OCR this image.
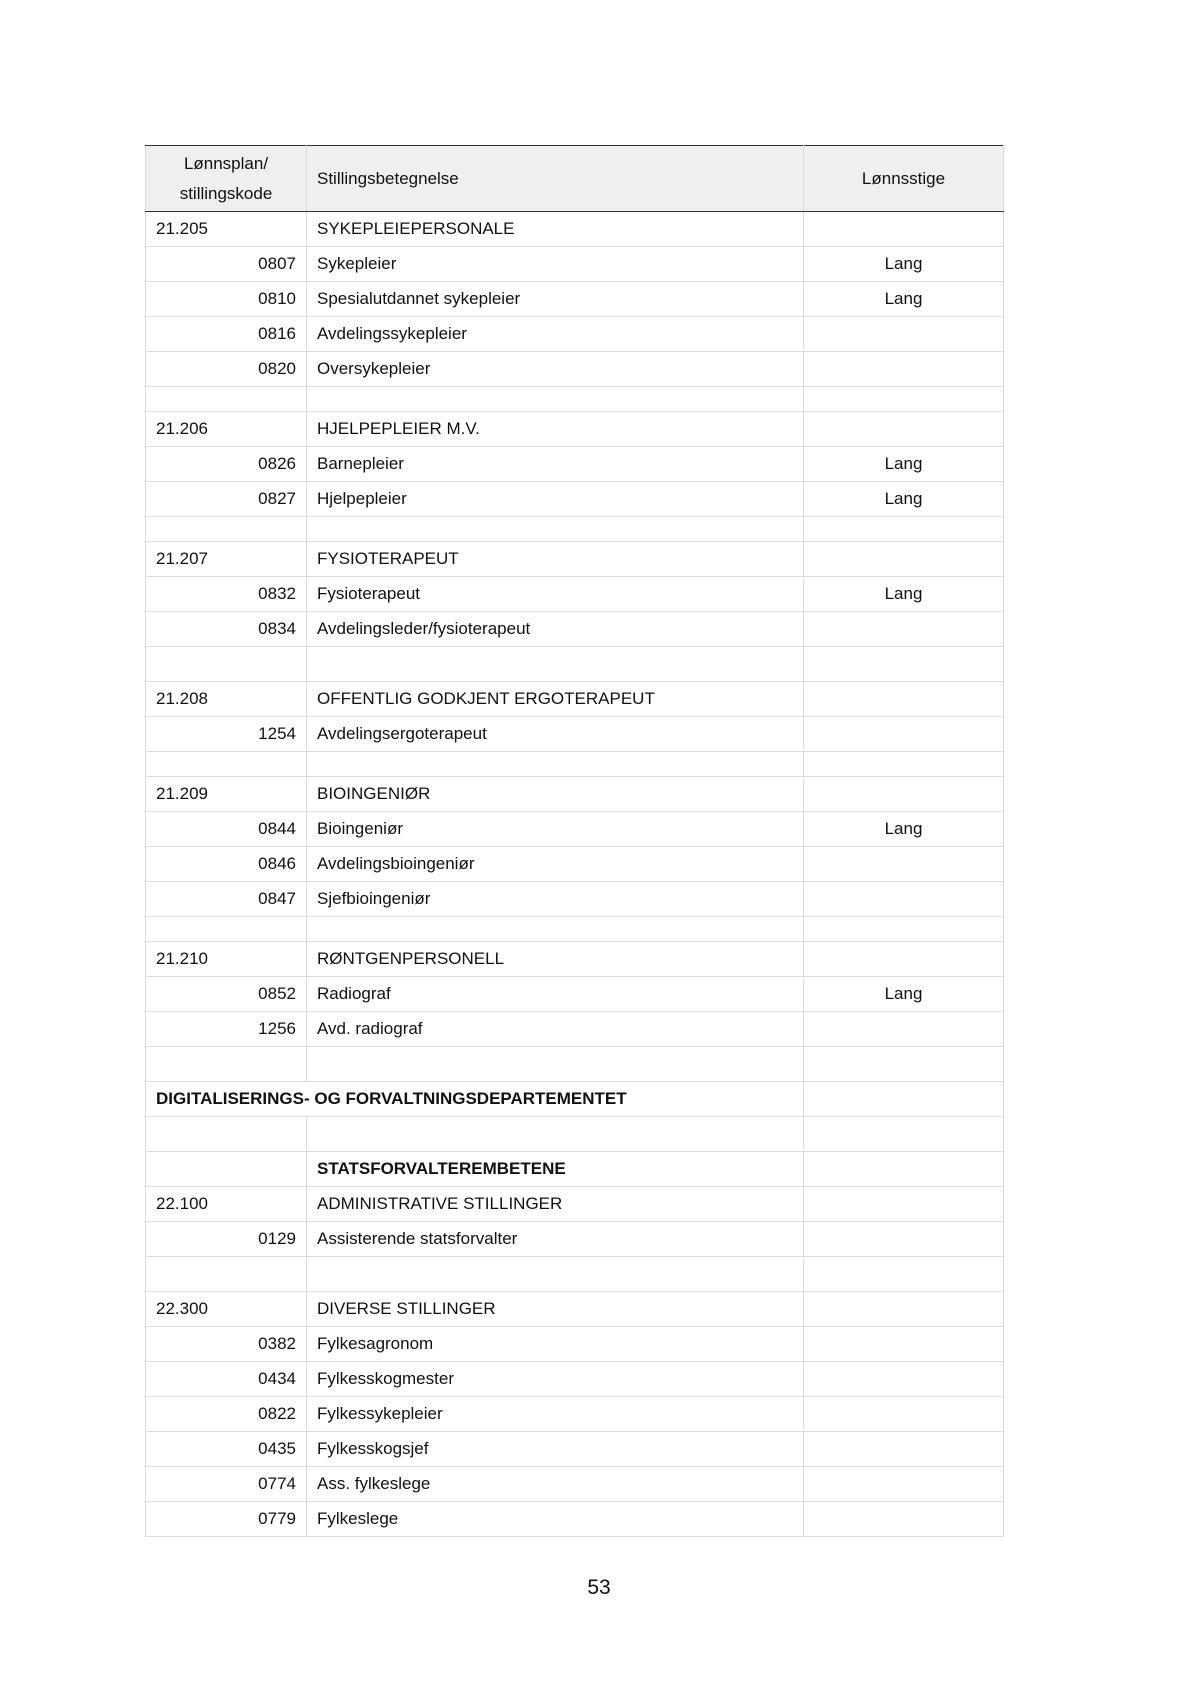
Lønnsplan/
stillingskode	Stillingsbetegnelse	Lønnsstige
21.205	SYKEPLEIEPERSONALE	
0807	Sykepleier	Lang
0810	Spesialutdannet sykepleier	Lang
0816	Avdelingssykepleier	
0820	Oversykepleier	

21.206	HJELPEPLEIER M.V.	
0826	Barnepleier	Lang
0827	Hjelpepleier	Lang

21.207	FYSIOTERAPEUT	
0832	Fysioterapeut	Lang
0834	Avdelingsleder/fysioterapeut	

21.208	OFFENTLIG GODKJENT ERGOTERAPEUT	
1254	Avdelingsergoterapeut	

21.209	BIOINGENIØR	
0844	Bioingeniør	Lang
0846	Avdelingsbioingeniør	
0847	Sjefbioingeniør	

21.210	RØNTGENPERSONELL	
0852	Radiograf	Lang
1256	Avd. radiograf	

DIGITALISERINGS- OG FORVALTNINGSDEPARTEMENTET		

	STATSFORVALTEREMBETENE	
22.100	ADMINISTRATIVE STILLINGER	
0129	Assisterende statsforvalter	

22.300	DIVERSE STILLINGER	
0382	Fylkesagronom	
0434	Fylkesskogmester	
0822	Fylkessykepleier	
0435	Fylkesskogsjef	
0774	Ass. fylkeslege	
0779	Fylkeslege	
53
